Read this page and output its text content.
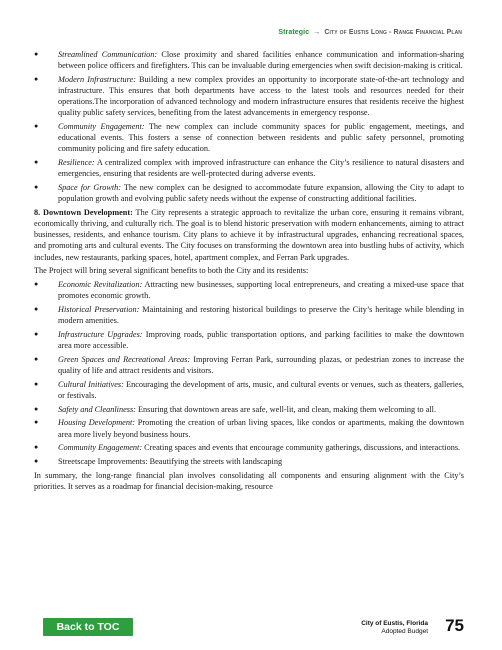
Strategic → City of Eustis Long - Range Financial Plan
● Streamlined Communication: Close proximity and shared facilities enhance communication and information-sharing between police officers and firefighters. This can be invaluable during emergencies when swift decision-making is critical.
● Modern Infrastructure: Building a new complex provides an opportunity to incorporate state-of-the-art technology and infrastructure. This ensures that both departments have access to the latest tools and resources needed for their operations.The incorporation of advanced technology and modern infrastructure ensures that residents receive the highest quality public safety services, benefiting from the latest advancements in emergency response.
● Community Engagement: The new complex can include community spaces for public engagement, meetings, and educational events. This fosters a sense of connection between residents and public safety personnel, promoting community policing and fire safety education.
● Resilience: A centralized complex with improved infrastructure can enhance the City’s resilience to natural disasters and emergencies, ensuring that residents are well-protected during adverse events.
● Space for Growth: The new complex can be designed to accommodate future expansion, allowing the City to adapt to population growth and evolving public safety needs without the expense of constructing additional facilities.

8. Downtown Development: The City represents a strategic approach to revitalize the urban core, ensuring it remains vibrant, economically thriving, and culturally rich. The goal is to blend historic preservation with modern enhancements, aiming to attract businesses, residents, and enhance tourism. City plans to achieve it by infrastructural upgrades, enhancing recreational spaces, and promoting arts and cultural events. The City focuses on transforming the downtown area into bustling hubs of activity, which includes, new restaurants, parking spaces, hotel, apartment complex, and Ferran Park upgrades.

The Project will bring several significant benefits to both the City and its residents:

● Economic Revitalization: Attracting new businesses, supporting local entrepreneurs, and creating a mixed-use space that promotes economic growth.
● Historical Preservation: Maintaining and restoring historical buildings to preserve the City’s heritage while blending in modern amenities.
● Infrastructure Upgrades: Improving roads, public transportation options, and parking facilities to make the downtown area more accessible.
● Green Spaces and Recreational Areas: Improving Ferran Park, surrounding plazas, or pedestrian zones to increase the quality of life and attract residents and visitors.
● Cultural Initiatives: Encouraging the development of arts, music, and cultural events or venues, such as theaters, galleries, or festivals.
● Safety and Cleanliness: Ensuring that downtown areas are safe, well-lit, and clean, making them welcoming to all.
● Housing Development: Promoting the creation of urban living spaces, like condos or apartments, making the downtown area more lively beyond business hours.
● Community Engagement: Creating spaces and events that encourage community gatherings, discussions, and interactions.
● Streetscape Improvements: Beautifying the streets with landscaping

In summary, the long-range financial plan involves consolidating all components and ensuring alignment with the City’s priorities. It serves as a roadmap for financial decision-making, resource

Back to TOC	City of Eustis, Florida
Adopted Budget 75
